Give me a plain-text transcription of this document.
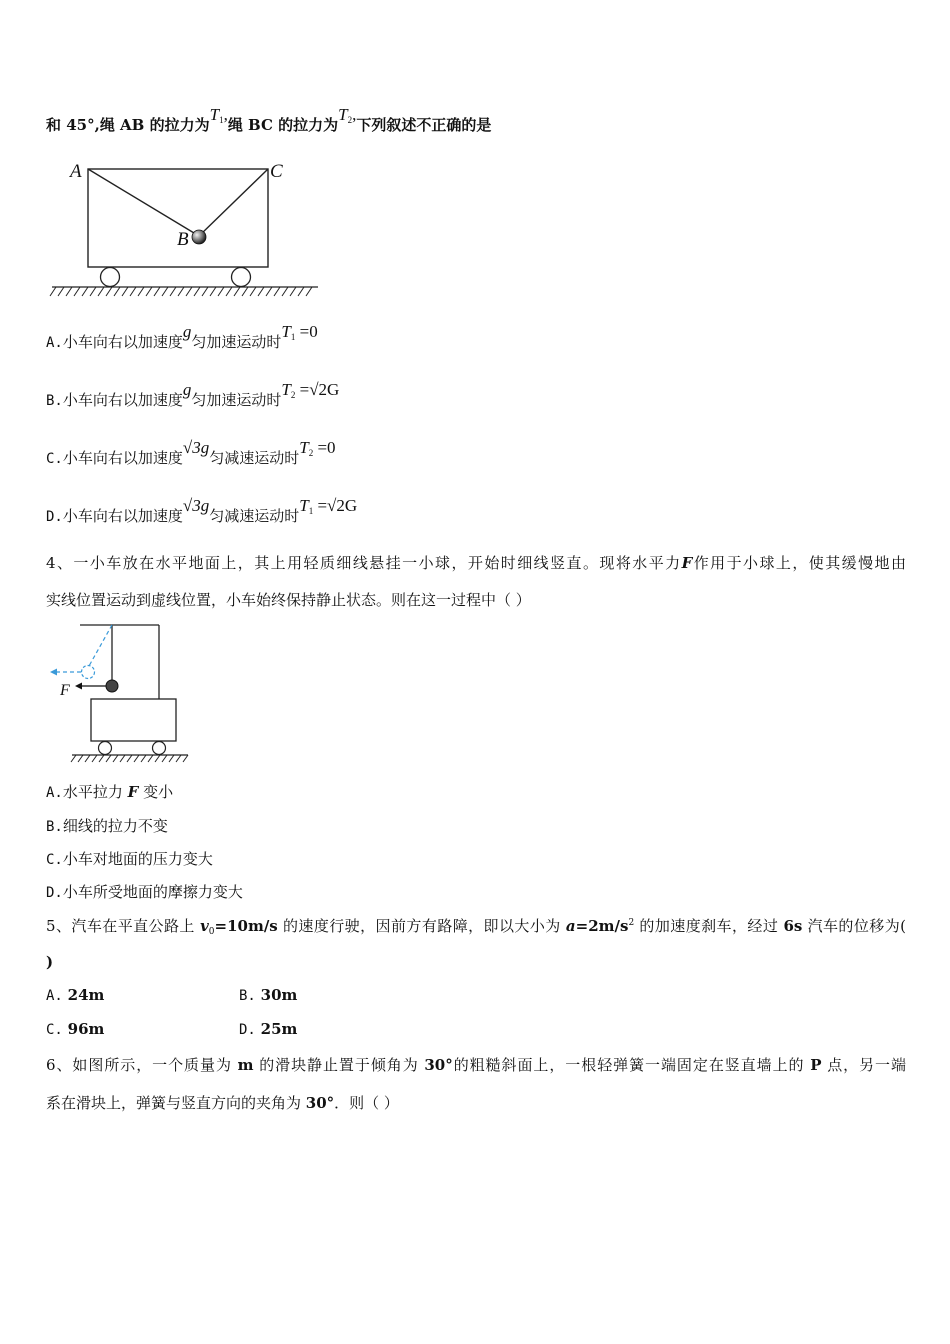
和 45°,绳 AB 的拉力为$T_1$,绳 BC 的拉力为$T_2$,下列叙述不正确的是
A	C
B
A.小车向右以加速度g匀加速运动时$T_1 =0$
B.小车向右以加速度g匀加速运动时$T_2 =√2G$
C.小车向右以加速度√3g匀减速运动时$T_2 =0$
D.小车向右以加速度√3g匀减速运动时$T_1 =√2G$
4、一小车放在水平地面上，其上用轻质细线悬挂一小球，开始时细线竖直。现将水平力F作用于小球上，使其缓慢地由
实线位置运动到虚线位置，小车始终保持静止状态。则在这一过程中（ ）
F
A.水平拉力 F 变小
B.细线的拉力不变
C.小车对地面的压力变大
D.小车所受地面的摩擦力变大
5、汽车在平直公路上 $v_0=10m/s$ 的速度行驶，因前方有路障，即以大小为 $a=2m/s^2$ 的加速度刹车，经过 6s 汽车的位移为(
)
A. 24m	B. 30m
C. 96m	D. 25m
6、如图所示，一个质量为 m 的滑块静止置于倾角为 30°的粗糙斜面上，一根轻弹簧一端固定在竖直墙上的 P 点，另一端
系在滑块上，弹簧与竖直方向的夹角为 30°．则（ ）
